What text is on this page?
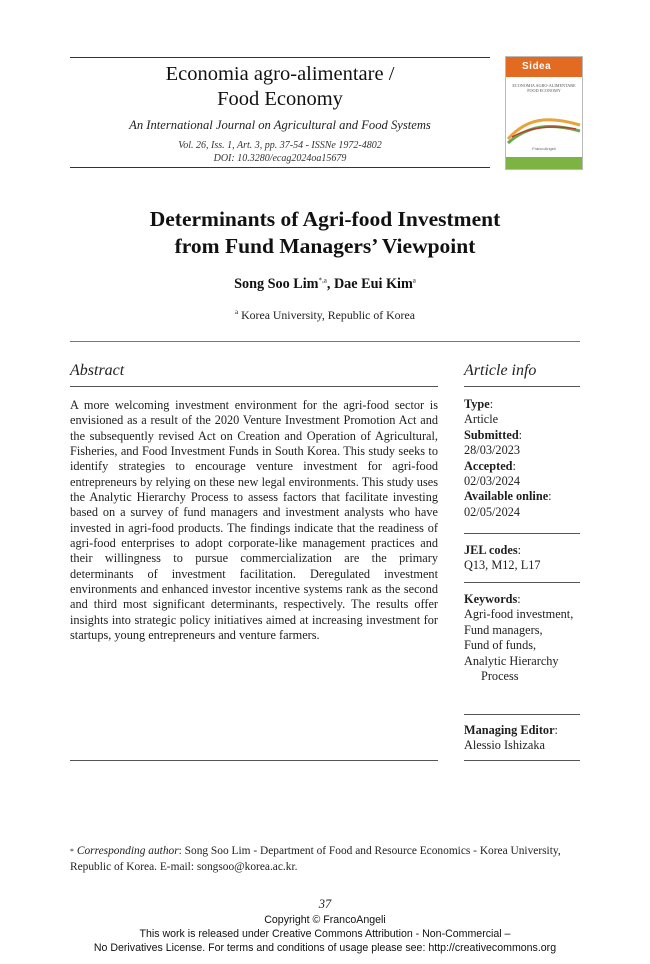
Economia agro-alimentare /
Food Economy
An International Journal on Agricultural and Food Systems
Vol. 26, Iss. 1, Art. 3, pp. 37-54 - ISSNe 1972-4802
DOI: 10.3280/ecag2024oa15679
Sidea
ECONOMIA AGRO-ALIMENTARE FOOD ECONOMY
FrancoAngeli
Determinants of Agri-food Investment
from Fund Managers’ Viewpoint
Song Soo Lim$^{*,a}$, Dae Eui Kim$^a$
$^a$ Korea University, Republic of Korea
Abstract
A more welcoming investment environment for the agri-food sector is envisioned as a result of the 2020 Venture Investment Promotion Act and the subsequently revised Act on Creation and Operation of Agricultural, Fisheries, and Food Investment Funds in South Korea. This study seeks to identify strategies to encourage venture investment for agri-food entrepreneurs by relying on these new legal environments. This study uses the Analytic Hierarchy Process to assess factors that facilitate investing based on a survey of fund managers and investment analysts who have invested in agri-food products. The findings indicate that the readiness of agri-food enterprises to adopt corporate-like management practices and their willingness to pursue commercialization are the primary determinants of investment facilitation. Deregulated investment environments and enhanced investor incentive systems rank as the second and third most significant determinants, respectively. The results offer insights into strategic policy initiatives aimed at increasing investment for startups, young entrepreneurs and venture farmers.
Article info
Type:
Article
Submitted:
28/03/2023
Accepted:
02/03/2024
Available online:
02/05/2024
JEL codes:
Q13, M12, L17
Keywords:
Agri-food investment,
Fund managers,
Fund of funds,
Analytic Hierarchy Process
Managing Editor:
Alessio Ishizaka
* Corresponding author: Song Soo Lim - Department of Food and Resource Economics - Korea University, Republic of Korea. E-mail: songsoo@korea.ac.kr.
37
Copyright © FrancoAngeli
This work is released under Creative Commons Attribution - Non-Commercial –
No Derivatives License. For terms and conditions of usage please see: http://creativecommons.org
